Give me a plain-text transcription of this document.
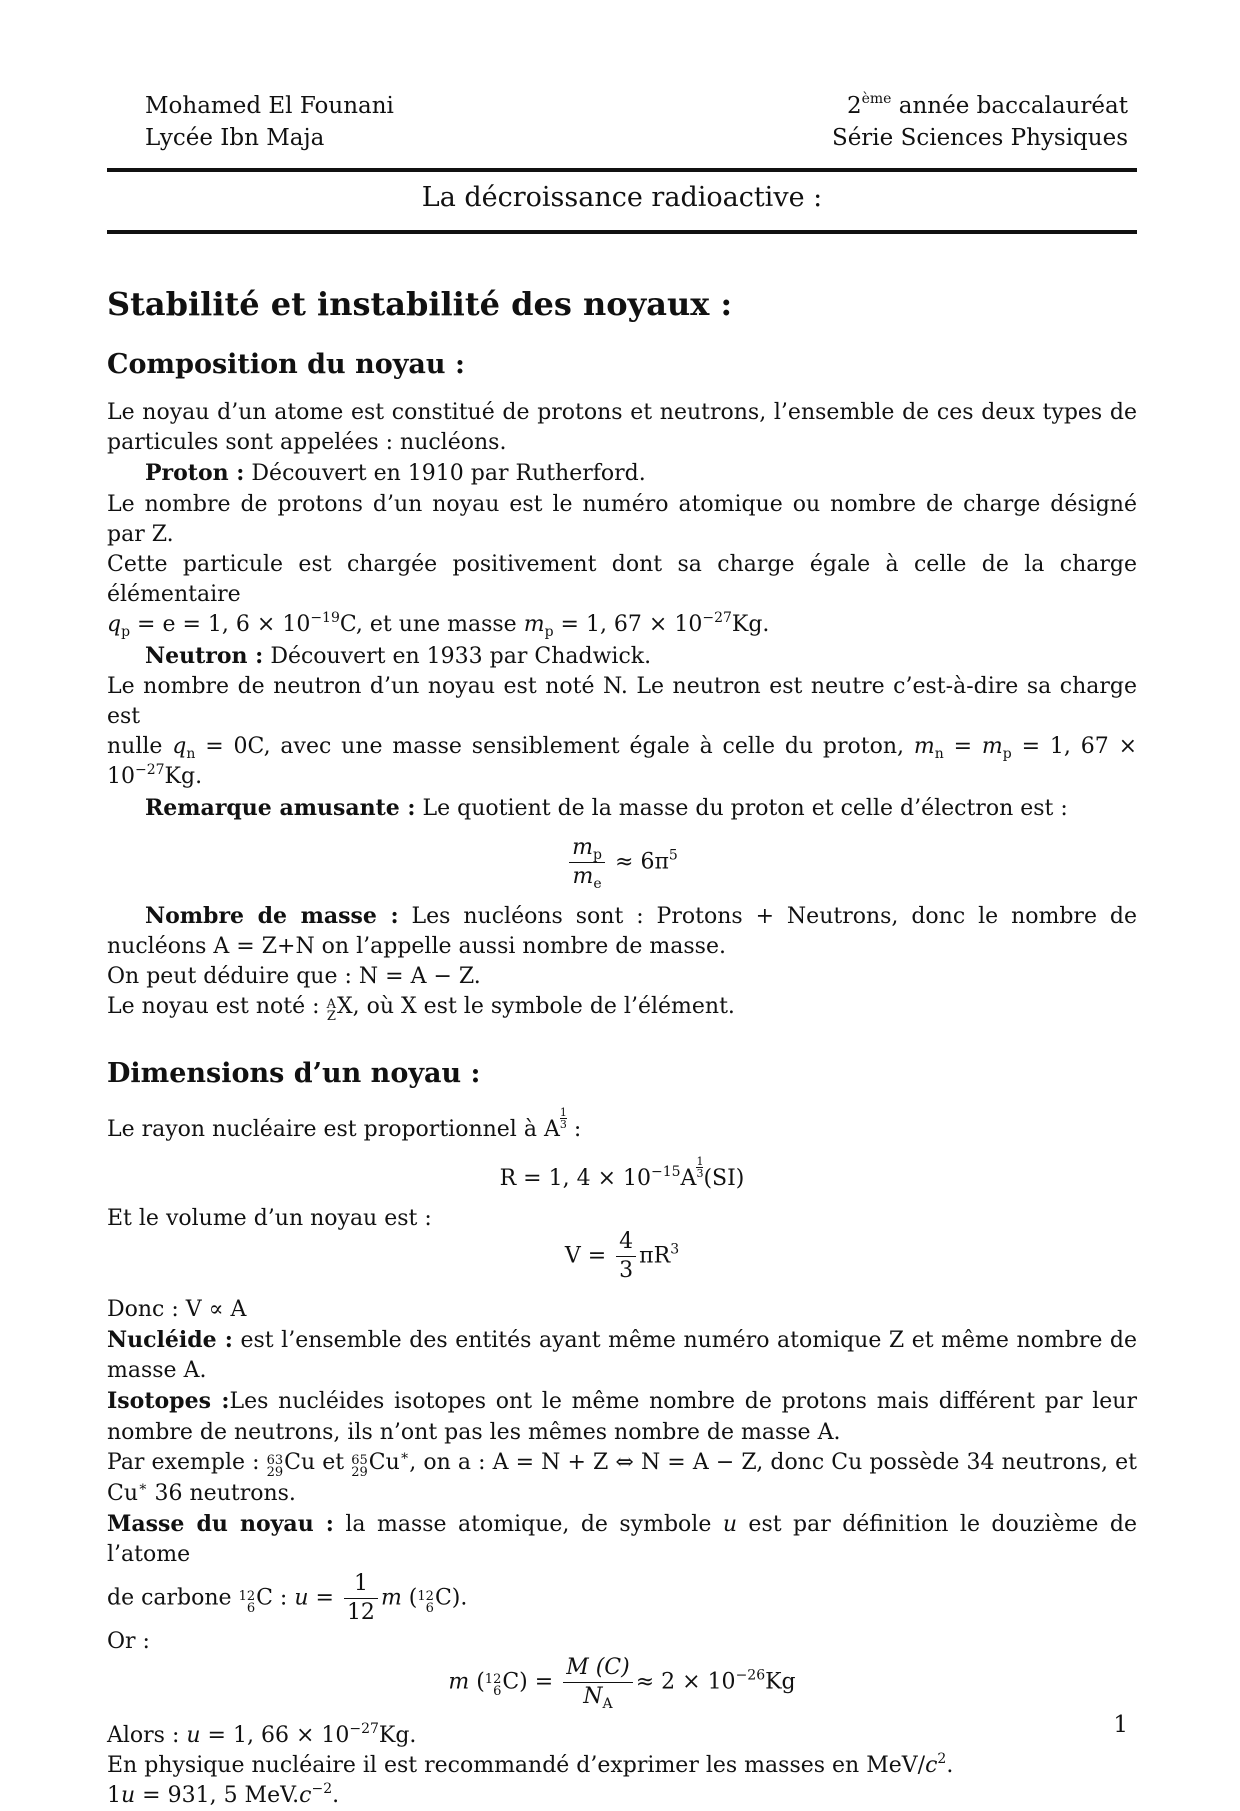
Mohamed El Founani
Lycée Ibn Maja
2ème année baccalauréat
Série Sciences Physiques
La décroissance radioactive :
Stabilité et instabilité des noyaux :
Composition du noyau :

Le noyau d’un atome est constitué de protons et neutrons, l’ensemble de ces deux types de particules sont appelées : nucléons.

Proton : Découvert en 1910 par Rutherford.

Le nombre de protons d’un noyau est le numéro atomique ou nombre de charge désigné par Z.

Cette particule est chargée positivement dont sa charge égale à celle de la charge élémentaire

$q_p = e = 1$, $6 \times 10^{-19}C$, et une masse $m_p = 1$, $67 \times 10^{-27}Kg$.

Neutron : Découvert en 1933 par Chadwick.

Le nombre de neutron d’un noyau est noté N. Le neutron est neutre c’est-à-dire sa charge est

nulle $q_n = 0C$, avec une masse sensiblement égale à celle du proton, $m_n = m_p = 1$, $67 \times 10^{-27}Kg$.

Remarque amusante : Le quotient de la masse du proton et celle d’électron est :

$\frac{m_p}{m_e} \approx 6\pi^5$

Nombre de masse : Les nucléons sont : Protons + Neutrons, donc le nombre de nucléons A = Z+N on l’appelle aussi nombre de masse.

On peut déduire que : N = A − Z.

Le noyau est noté : A
Z X, où X est le symbole de l’élément.

Dimensions d’un noyau :

Le rayon nucléaire est proportionnel à A $\frac{1}{3}$ :

R = 1, $4 \times 10^{-15}A \frac{1}{3} (SI)$

Et le volume d’un noyau est :

$V = \frac{4}{3} \pi R^3$

Donc : V ∝ A

Nucléide : est l’ensemble des entités ayant même numéro atomique Z et même nombre de masse A.

Isotopes :Les nucléides isotopes ont le même nombre de protons mais différent par leur nombre de neutrons, ils n’ont pas les mêmes nombre de masse A.

Par exemple : 63
29 Cu et 65
29 Cu∗, on a : A = N + Z ⇔ N = A − Z, donc Cu possède 34 neutrons, et Cu∗ 36 neutrons.

Masse du noyau : la masse atomique, de symbole u est par définition le douzième de l’atome

de carbone 12
6 C : $u = \frac{1}{12}$ m ( 12
6 C).

Or :

m ( 12
6 $C) = \frac{M (C)}{N_A} \approx 2 \times 10^{-26}Kg$

Alors : u = 1, $66 \times 10^{-27}Kg$.

En physique nucléaire il est recommandé d’exprimer les masses en MeV/$c^2$.

1u = 931, 5 $MeV.c^{-2}$.

1
